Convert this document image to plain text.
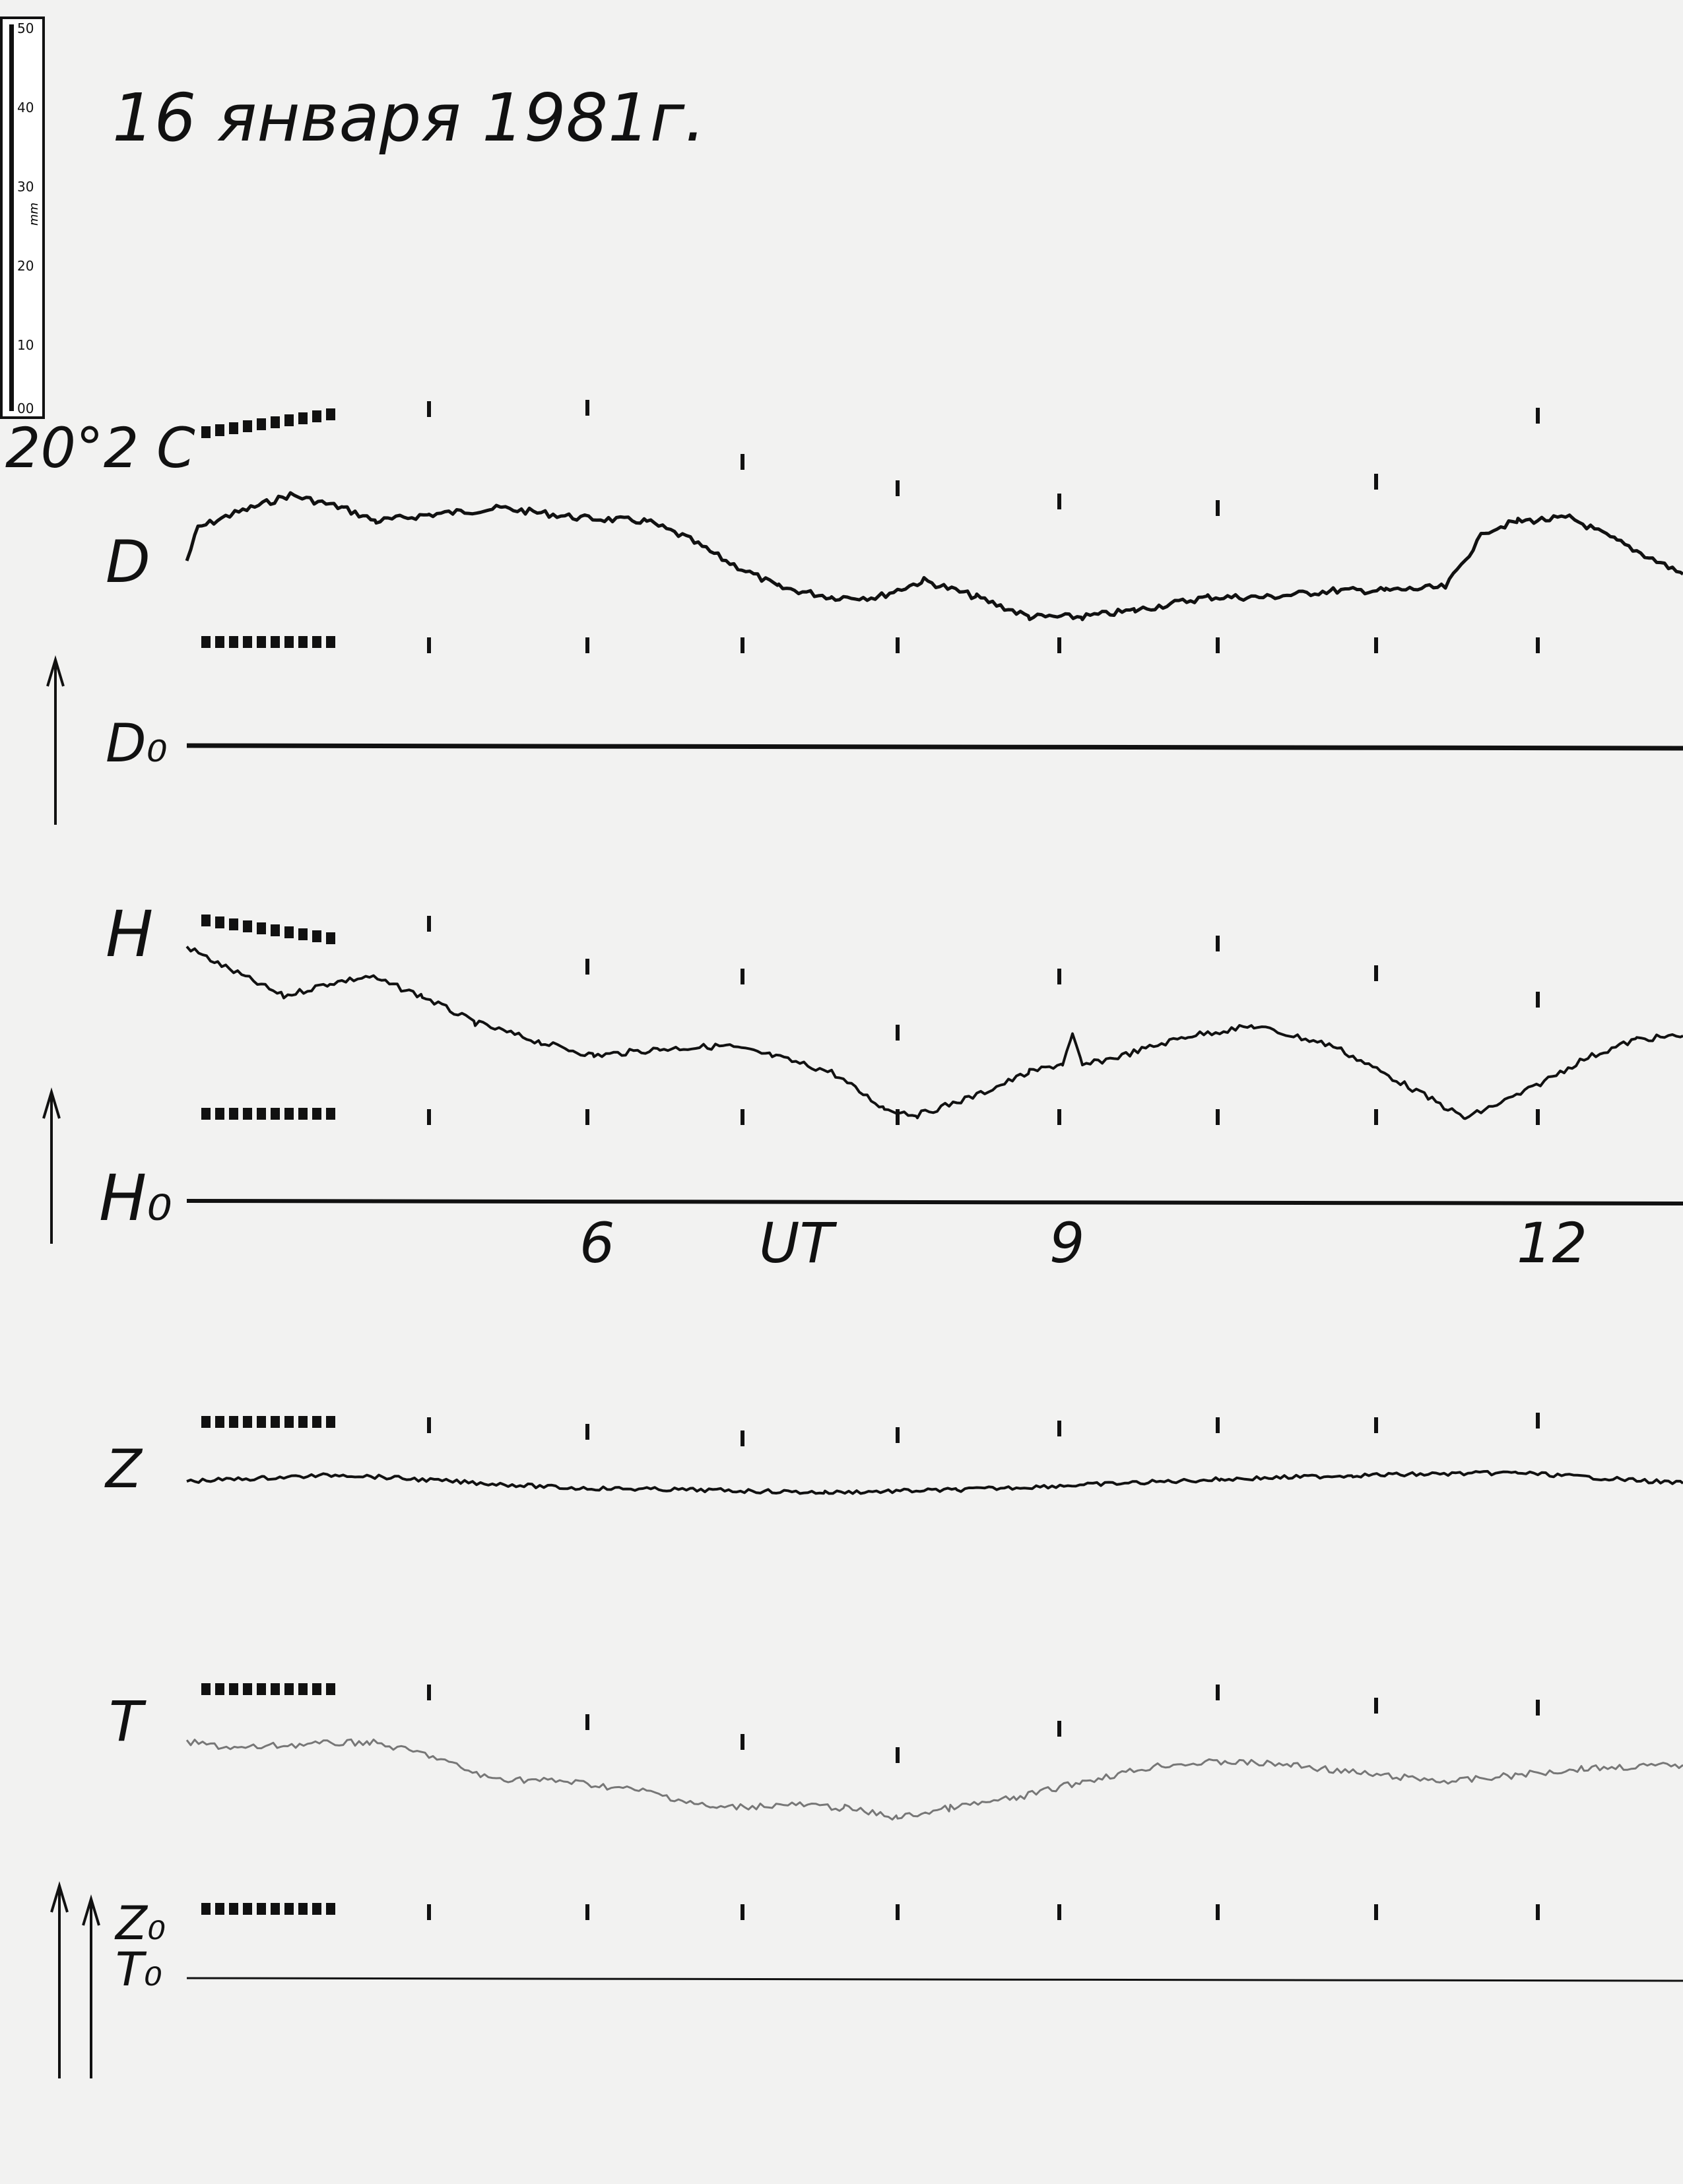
50
40
30
20
10
00
mm
16 января 1981г.
20°2 C
D
D₀
H
H₀
Z
T
Z₀ T₀
6	UT	9	12
